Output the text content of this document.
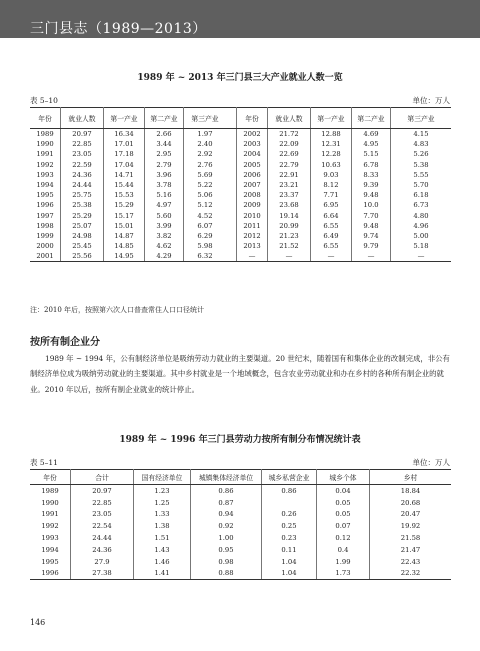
三门县志（1989—2013）
1989 年 ~ 2013 年三门县三大产业就业人数一览
表 5–10	单位：万人
年份	就业人数	第一产业	第二产业	第三产业		年份	就业人数	第一产业	第二产业	第三产业
1989	20.97	16.34	2.66	1.97		2002	21.72	12.88	4.69	4.15
1990	22.85	17.01	3.44	2.40		2003	22.09	12.31	4.95	4.83
1991	23.05	17.18	2.95	2.92		2004	22.69	12.28	5.15	5.26
1992	22.59	17.04	2.79	2.76		2005	22.79	10.63	6.78	5.38
1993	24.36	14.71	3.96	5.69		2006	22.91	9.03	8.33	5.55
1994	24.44	15.44	3.78	5.22		2007	23.21	8.12	9.39	5.70
1995	25.75	15.53	5.16	5.06		2008	23.37	7.71	9.48	6.18
1996	25.38	15.29	4.97	5.12		2009	23.68	6.95	10.0	6.73
1997	25.29	15.17	5.60	4.52		2010	19.14	6.64	7.70	4.80
1998	25.07	15.01	3.99	6.07		2011	20.99	6.55	9.48	4.96
1999	24.98	14.87	3.82	6.29		2012	21.23	6.49	9.74	5.00
2000	25.45	14.85	4.62	5.98		2013	21.52	6.55	9.79	5.18
2001	25.56	14.95	4.29	6.32		—	—	—	—	—
注：2010 年后，按照第六次人口普查常住人口口径统计
按所有制企业分

1989 年 ~ 1994 年，公有制经济单位是吸纳劳动力就业的主要渠道。20 世纪末，随着国有和集体企业的改制完成，非公有制经济单位成为吸纳劳动就业的主要渠道。其中乡村就业是一个地域概念，包含农业劳动就业和办在乡村的各种所有制企业的就业。2010 年以后，按所有制企业就业的统计停止。

1989 年 ~ 1996 年三门县劳动力按所有制分布情况统计表
表 5–11	单位：万人
年份	合计	国有经济单位	城镇集体经济单位	城乡私营企业	城乡个体	乡村
1989	20.97	1.23	0.86	0.86	0.04	18.84
1990	22.85	1.25	0.87		0.05	20.68
1991	23.05	1.33	0.94	0.26	0.05	20.47
1992	22.54	1.38	0.92	0.25	0.07	19.92
1993	24.44	1.51	1.00	0.23	0.12	21.58
1994	24.36	1.43	0.95	0.11	0.4	21.47
1995	27.9	1.46	0.98	1.04	1.99	22.43
1996	27.38	1.41	0.88	1.04	1.73	22.32
146
